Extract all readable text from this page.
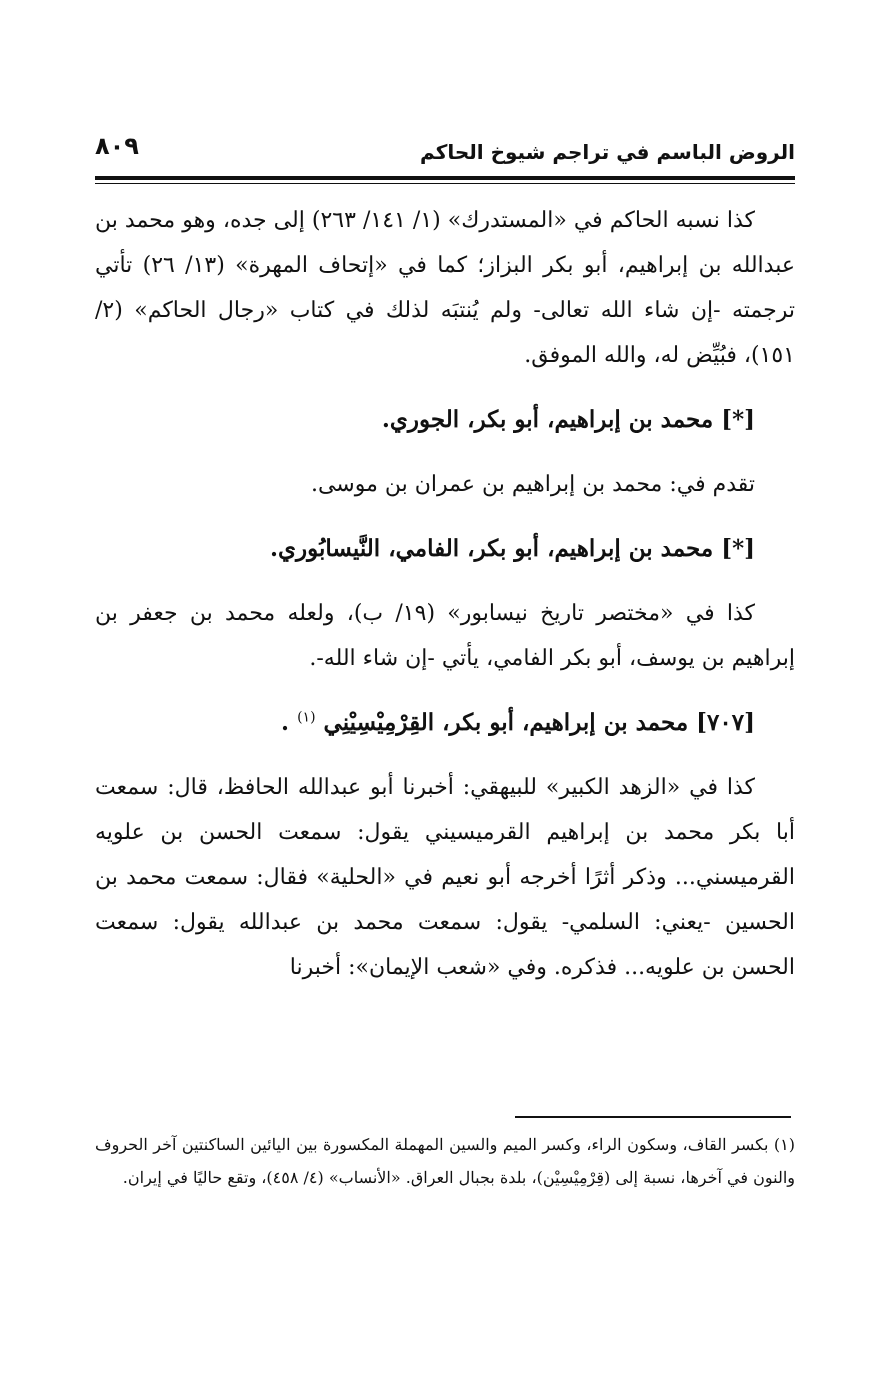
الروض الباسم في تراجم شيوخ الحاكم
٨٠٩

كذا نسبه الحاكم في «المستدرك» (١/ ١٤١/ ٢٦٣) إلى جده، وهو محمد بن عبدالله بن إبراهيم، أبو بكر البزاز؛ كما في «إتحاف المهرة» (١٣/ ٢٦) تأتي ترجمته -إن شاء الله تعالى- ولم يُنتبَه لذلك في كتاب «رجال الحاكم» (٢/ ١٥١)، فبُيِّض له، والله الموفق.

[*] محمد بن إبراهيم، أبو بكر، الجوري.

تقدم في: محمد بن إبراهيم بن عمران بن موسى.

[*] محمد بن إبراهيم، أبو بكر، الفامي، النَّيسابُوري.

كذا في «مختصر تاريخ نيسابور» (١٩/ ب)، ولعله محمد بن جعفر بن إبراهيم بن يوسف، أبو بكر الفامي، يأتي -إن شاء الله-.

[٧٠٧] محمد بن إبراهيم، أبو بكر، القِرْمِيْسِيْنِي $^{(١)}$ .

كذا في «الزهد الكبير» للبيهقي: أخبرنا أبو عبدالله الحافظ، قال: سمعت أبا بكر محمد بن إبراهيم القرميسيني يقول: سمعت الحسن بن علويه القرميسني... وذكر أثرًا أخرجه أبو نعيم في «الحلية» فقال: سمعت محمد بن الحسين -يعني: السلمي- يقول: سمعت محمد بن عبدالله يقول: سمعت الحسن بن علويه... فذكره. وفي «شعب الإيمان»: أخبرنا

(١) بكسر القاف، وسكون الراء، وكسر الميم والسين المهملة المكسورة بين اليائين الساكنتين آخر الحروف والنون في آخرها، نسبة إلى (قِرْمِيْسِيْن)، بلدة بجبال العراق. «الأنساب» (٤/ ٤٥٨)، وتقع حاليًا في إيران.
